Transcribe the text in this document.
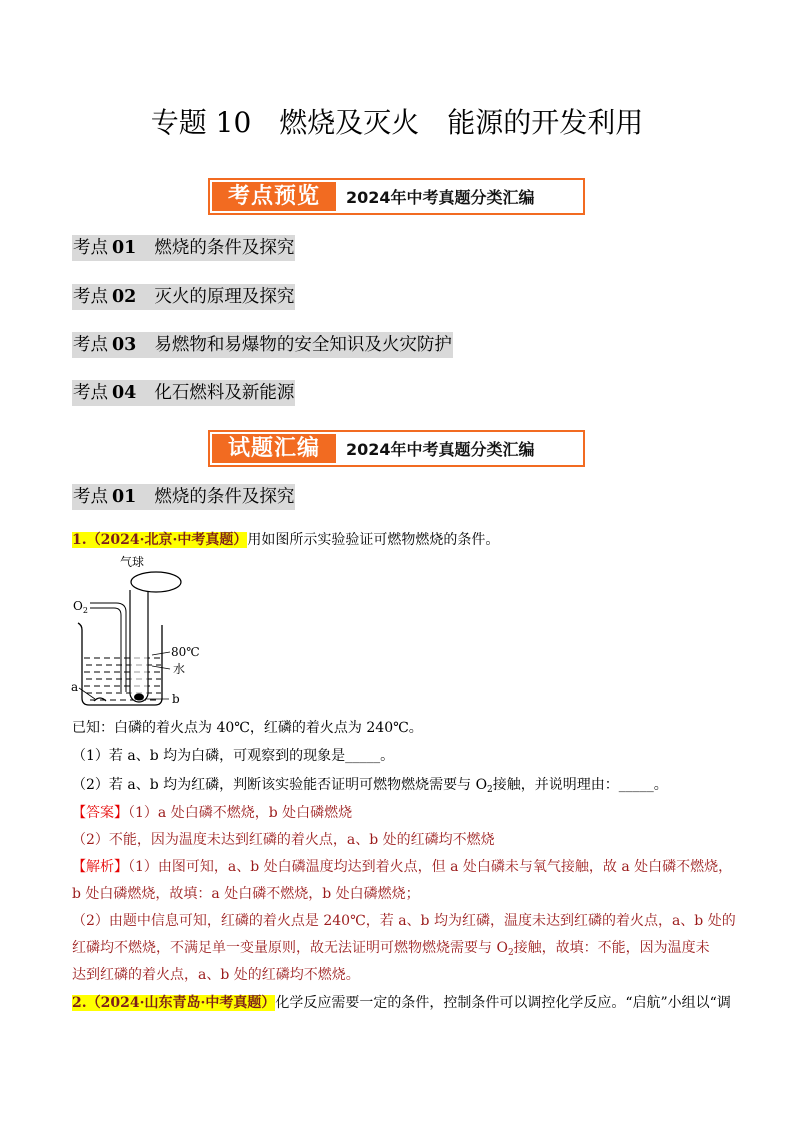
专题 10　燃烧及灭火　能源的开发利用
考点预览	2024年中考真题分类汇编
考点 01 燃烧的条件及探究
考点 02 灭火的原理及探究
考点 03 易燃物和易爆物的安全知识及火灾防护
考点 04 化石燃料及新能源
试题汇编	2024年中考真题分类汇编
考点 01 燃烧的条件及探究
1.（2024·北京·中考真题）用如图所示实验验证可燃物燃烧的条件。
气球
$O_2$
a
b
80℃
水
已知：白磷的着火点为 40℃，红磷的着火点为 240℃。
（1）若 a、b 均为白磷，可观察到的现象是_____。
（2）若 a、b 均为红磷，判断该实验能否证明可燃物燃烧需要与 $O_2$接触，并说明理由：_____。
【答案】（1）a 处白磷不燃烧，b 处白磷燃烧
（2）不能，因为温度未达到红磷的着火点，a、b 处的红磷均不燃烧
【解析】（1）由图可知，a、b 处白磷温度均达到着火点，但 a 处白磷未与氧气接触，故 a 处白磷不燃烧，
b 处白磷燃烧，故填：a 处白磷不燃烧，b 处白磷燃烧；
（2）由题中信息可知，红磷的着火点是 240℃，若 a、b 均为红磷，温度未达到红磷的着火点，a、b 处的
红磷均不燃烧，不满足单一变量原则，故无法证明可燃物燃烧需要与 $O_2$接触，故填：不能，因为温度未
达到红磷的着火点，a、b 处的红磷均不燃烧。
2.（2024·山东青岛·中考真题）化学反应需要一定的条件，控制条件可以调控化学反应。“启航”小组以“调
